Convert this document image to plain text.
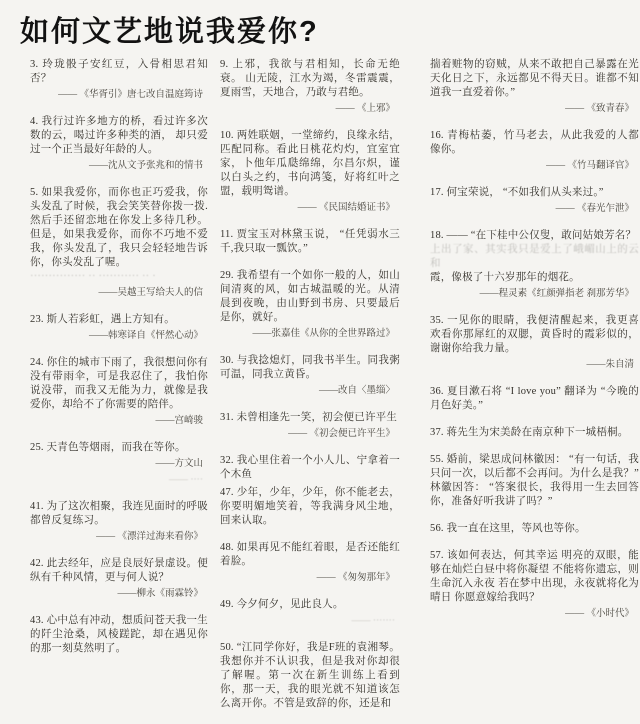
如何文艺地说我爱你?
3. 玲珑骰子安红豆，入骨相思君知否？
—— 《华胥引》唐七改自温庭筠诗
4. 我行过许多地方的桥，看过许多次数的云，喝过许多种类的酒， 却只爱过一个正当最好年龄的人。
——沈从文予张兆和的情书
5. 如果我爱你，而你也正巧爱我，你头发乱了时候，我会笑笑替你拨一拨.然后手还留恋地在你发上多待几秒。但是，如果我爱你，而你不巧地不爱我，你头发乱了，我只会轻轻地告诉你，你头发乱了喔。
··············· ·· ··········· ·· ·
——吴越王写给夫人的信
23. 斯人若彩虹，遇上方知有。
——韩寒译自《怦然心动》
24. 你住的城市下雨了，我很想问你有没有带雨伞，可是我忍住了，我怕你说没带，而我又无能为力，就像是我爱你，却给不了你需要的陪伴。
——宫崎骏
25. 天青色等烟雨，而我在等你。
——方文山
—— ····
41. 为了这次相聚，我连见面时的呼吸都曾反复练习。
—— 《漂洋过海来看你》
42. 此去经年，应是良辰好景虚设。便纵有千种风情，更与何人说？
——柳永《雨霖铃》
43. 心中总有冲动，想质问苍天我一生的阡尘沧桑，风棱蹉跎，却在遇见你的那一刻莫然明了。
9. 上邪，我欲与君相知，长命无绝衰。 山无陵，江水为竭，冬雷震震，夏雨雪，天地合，乃敢与君绝。
—— 《上邪》
10. 两姓联姻，一堂缔约，良缘永结，匹配同称。看此日桃花灼灼，宜室宜家，卜他年瓜瓞绵绵，尔昌尔炽，谨以白头之约，书向鸿笺，好将红叶之盟，载明鸳谱。
—— 《民国结婚证书》
11. 贾宝玉对林黛玉说， “任凭弱水三千,我只取一瓢饮。”
29. 我希望有一个如你一般的人，如山间清爽的风，如古城温暖的光。从清晨到夜晚，由山野到书房、只要最后是你，就好。
——张嘉佳《从你的全世界路过》
30. 与我捻熄灯，同我书半生。同我粥可温，同我立黄昏。
——改自〈墨缁〉
31. 未曾相逢先一笑，初会便已许平生
—— 《初会便已许平生》
32. 我心里住着一个小人儿、宁拿着一个木鱼
47. 少年，少年，少年，你不能老去，你要明媚地笑着，等我满身风尘地，回来认取。
48. 如果再见不能红着眼，是否还能红着脸。
—— 《匆匆那年》
49. 今夕何夕，见此良人。
—— ·······
50. “江同学你好，我是F班的袁湘琴。我想你并不认识我，但是我对你却很了解喔。第一次在新生训练上看到你，那一天，我的眼光就不知道该怎么离开你。不管是致辞的你，还是和
揣着赃物的窃贼，从来不敢把自己暴露在光天化日之下，永远都见不得天日。谁都不知道我一直爱着你。”
—— 《致青春》
16. 青梅枯萎，竹马老去，从此我爱的人都像你。
—— 《竹马翻译官》
17. 何宝荣说， “不如我们从头来过。”
—— 《春光乍泄》
18. —— “在下桂中公仅叟，敢问姑娘芳名？
上出了家、其实我只是爱上了峨嵋山上的云和
霞，像极了十六岁那年的烟花。
——程灵素《红颜弹指老 刹那芳华》
35. 一见你的眼睛，我便清醒起来，我更喜欢看你那犀红的双腮，黄昏时的霞彩似的，谢谢你给我力量。
——朱自清
36. 夏目漱石将 “I love you” 翻译为 “今晚的月色好美。”
37. 蒋先生为宋美龄在南京种下一城梧桐。
55. 婚前，梁思成问林徽因： “有一句话，我只问一次，以后都不会再问。为什么是我？” 林徽因答： “答案很长，我得用一生去回答你，准备好听我讲了吗？”
56. 我一直在这里，等风也等你。
57. 该如何表达，何其幸运 明亮的双眼，能够在灿烂白昼中将你凝望 不能将你遗忘，则生命沉入永夜 若在梦中出现，永夜就将化为晴日 你愿意嫁给我吗？
—— 《小时代》
